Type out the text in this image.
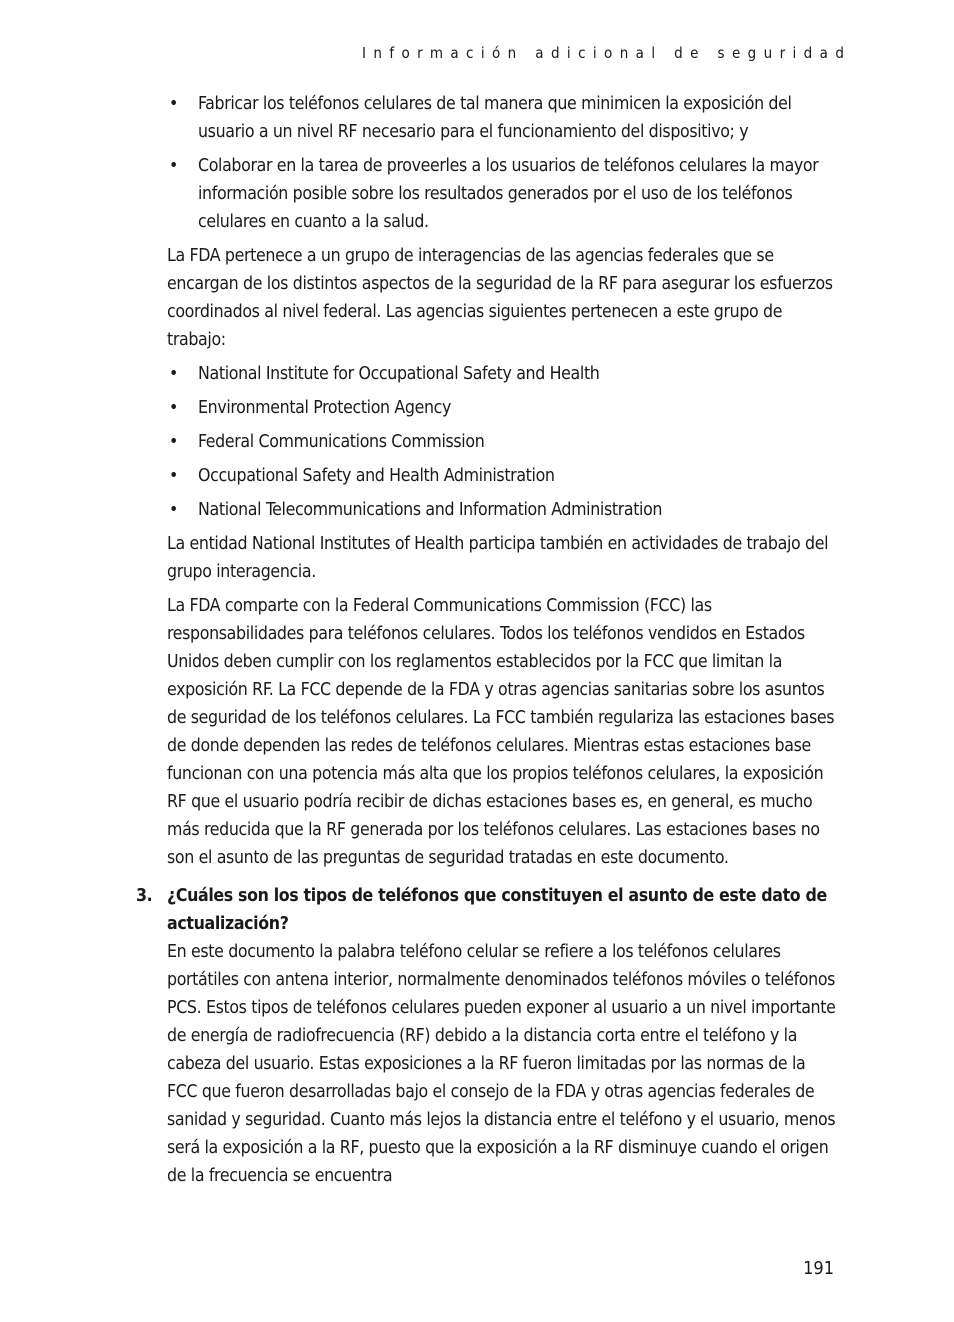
Información adicional de seguridad
• Fabricar los teléfonos celulares de tal manera que minimicen la exposición del usuario a un nivel RF necesario para el funcionamiento del dispositivo; y
• Colaborar en la tarea de proveerles a los usuarios de teléfonos celulares la mayor información posible sobre los resultados generados por el uso de los teléfonos celulares en cuanto a la salud.

La FDA pertenece a un grupo de interagencias de las agencias federales que se encargan de los distintos aspectos de la seguridad de la RF para asegurar los esfuerzos coordinados al nivel federal. Las agencias siguientes pertenecen a este grupo de trabajo:

• National Institute for Occupational Safety and Health
• Environmental Protection Agency
• Federal Communications Commission
• Occupational Safety and Health Administration
• National Telecommunications and Information Administration

La entidad National Institutes of Health participa también en actividades de trabajo del grupo interagencia.

La FDA comparte con la Federal Communications Commission (FCC) las responsabilidades para teléfonos celulares. Todos los teléfonos vendidos en Estados Unidos deben cumplir con los reglamentos establecidos por la FCC que limitan la exposición RF. La FCC depende de la FDA y otras agencias sanitarias sobre los asuntos de seguridad de los teléfonos celulares. La FCC también regulariza las estaciones bases de donde dependen las redes de teléfonos celulares. Mientras estas estaciones base funcionan con una potencia más alta que los propios teléfonos celulares, la exposición RF que el usuario podría recibir de dichas estaciones bases es, en general, es mucho más reducida que la RF generada por los teléfonos celulares. Las estaciones bases no son el asunto de las preguntas de seguridad tratadas en este documento.

3. ¿Cuáles son los tipos de teléfonos que constituyen el asunto de este dato de actualización?

En este documento la palabra teléfono celular se refiere a los teléfonos celulares portátiles con antena interior, normalmente denominados teléfonos móviles o teléfonos PCS. Estos tipos de teléfonos celulares pueden exponer al usuario a un nivel importante de energía de radiofrecuencia (RF) debido a la distancia corta entre el teléfono y la cabeza del usuario. Estas exposiciones a la RF fueron limitadas por las normas de la FCC que fueron desarrolladas bajo el consejo de la FDA y otras agencias federales de sanidad y seguridad. Cuanto más lejos la distancia entre el teléfono y el usuario, menos será la exposición a la RF, puesto que la exposición a la RF disminuye cuando el origen de la frecuencia se encuentra

191
